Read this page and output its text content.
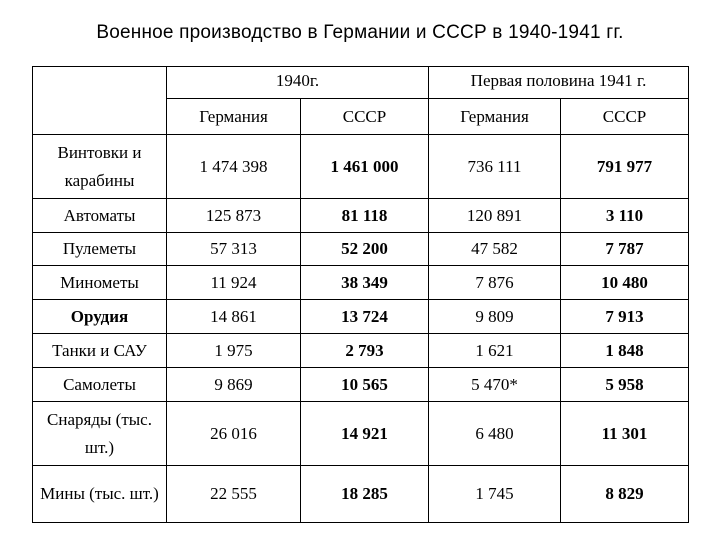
Военное производство в Германии и СССР в 1940-1941 гг.
	1940г.		Первая половина 1941 г.	
	Германия	СССР	Германия	СССР
Винтовки и карабины	1 474 398	1 461 000	736 111	791 977
Автоматы	125 873	81 118	120 891	3 110
Пулеметы	57 313	52 200	47 582	7 787
Минометы	11 924	38 349	7 876	10 480
Орудия	14 861	13 724	9 809	7 913
Танки и САУ	1 975	2 793	1 621	1 848
Самолеты	9 869	10 565	5 470*	5 958
Снаряды (тыс. шт.)	26 016	14 921	6 480	11 301
Мины (тыс. шт.)	22 555	18 285	1 745	8 829
